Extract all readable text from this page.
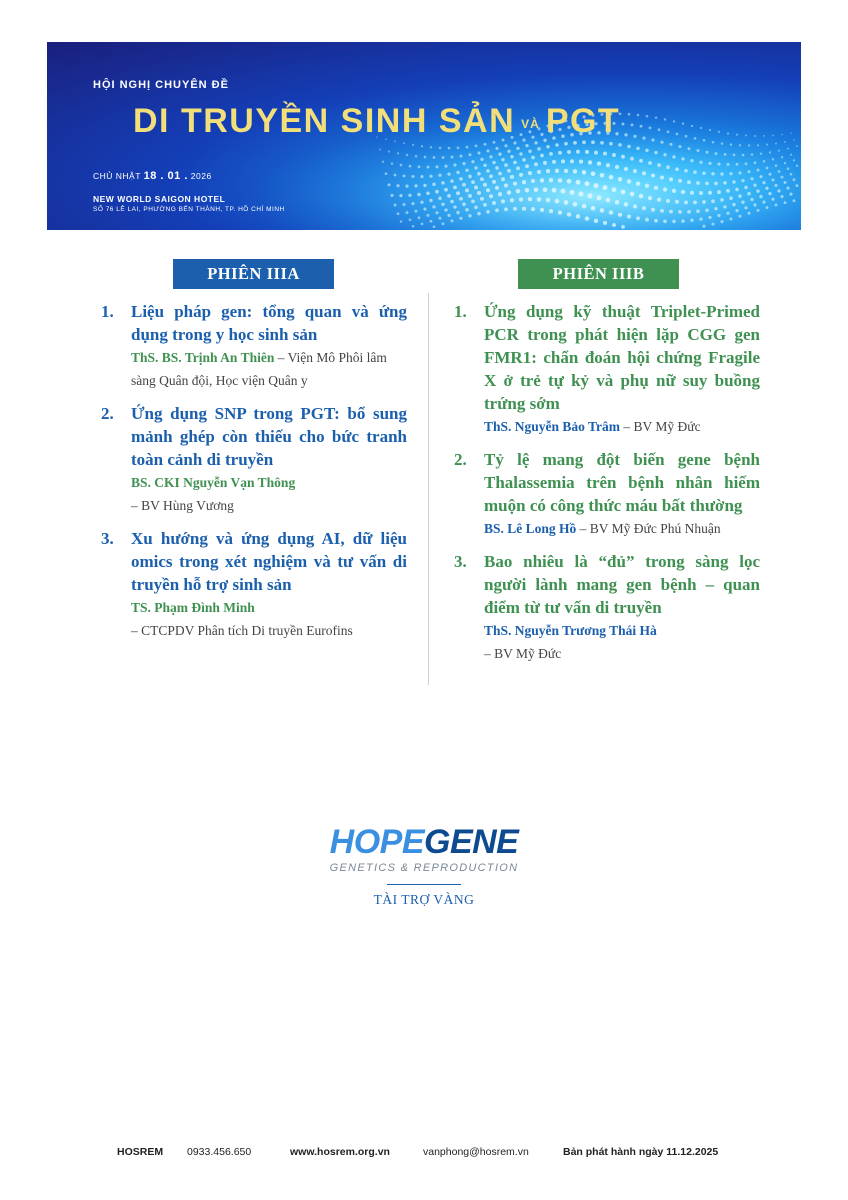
HỘI NGHỊ CHUYÊN ĐỀ
DI TRUYỀN SINH SẢN VÀ PGT
CHỦ NHẬT 18 . 01 . 2026
NEW WORLD SAIGON HOTEL
SỐ 76 LÊ LAI, PHƯỜNG BẾN THÀNH, TP. HỒ CHÍ MINH
PHIÊN IIIA	PHIÊN IIIB
1. Liệu pháp gen: tổng quan và ứng dụng trong y học sinh sản
ThS. BS. Trịnh An Thiên – Viện Mô Phôi lâm sàng Quân đội, Học viện Quân y
2. Ứng dụng SNP trong PGT: bổ sung mảnh ghép còn thiếu cho bức tranh toàn cảnh di truyền
BS. CKI Nguyễn Vạn Thông
– BV Hùng Vương
3. Xu hướng và ứng dụng AI, dữ liệu omics trong xét nghiệm và tư vấn di truyền hỗ trợ sinh sản
TS. Phạm Đình Minh
– CTCPDV Phân tích Di truyền Eurofins
1. Ứng dụng kỹ thuật Triplet-Primed PCR trong phát hiện lặp CGG gen FMR1: chẩn đoán hội chứng Fragile X ở trẻ tự kỷ và phụ nữ suy buồng trứng sớm
ThS. Nguyễn Bảo Trâm – BV Mỹ Đức
2. Tỷ lệ mang đột biến gene bệnh Thalassemia trên bệnh nhân hiếm muộn có công thức máu bất thường
BS. Lê Long Hồ – BV Mỹ Đức Phú Nhuận
3. Bao nhiêu là “đủ” trong sàng lọc người lành mang gen bệnh – quan điểm từ tư vấn di truyền
ThS. Nguyễn Trương Thái Hà
– BV Mỹ Đức
HOPEGENE
GENETICS & REPRODUCTION
TÀI TRỢ VÀNG
HOSREM 0933.456.650	www.hosrem.org.vn	vanphong@hosrem.vn	Bản phát hành ngày 11.12.2025
